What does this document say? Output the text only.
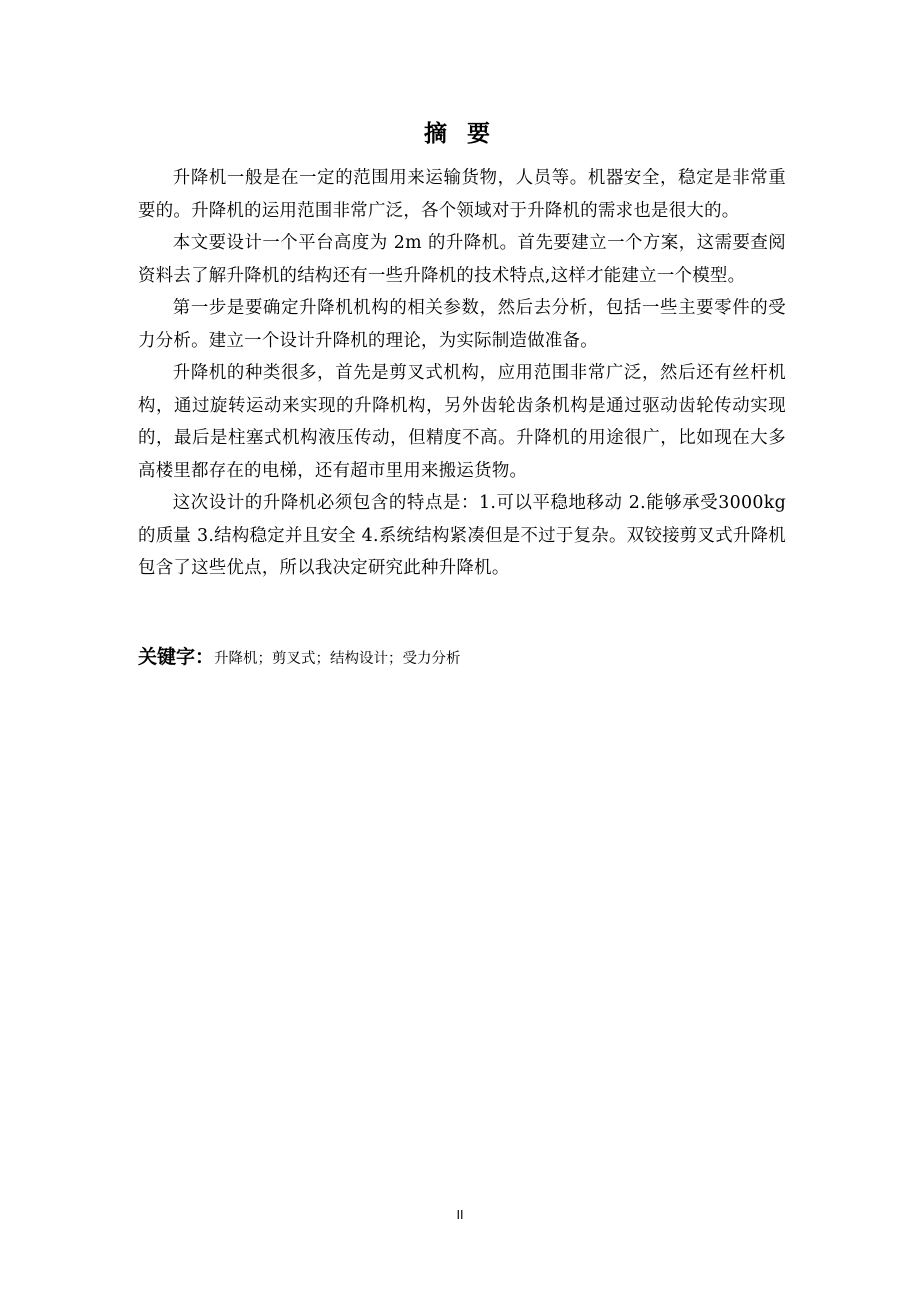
摘 要

升降机一般是在一定的范围用来运输货物，人员等。机器安全，稳定是非常重要的。升降机的运用范围非常广泛，各个领域对于升降机的需求也是很大的。

本文要设计一个平台高度为 2m 的升降机。首先要建立一个方案，这需要查阅资料去了解升降机的结构还有一些升降机的技术特点,这样才能建立一个模型。

第一步是要确定升降机机构的相关参数，然后去分析，包括一些主要零件的受力分析。建立一个设计升降机的理论，为实际制造做准备。

升降机的种类很多，首先是剪叉式机构，应用范围非常广泛，然后还有丝杆机构，通过旋转运动来实现的升降机构，另外齿轮齿条机构是通过驱动齿轮传动实现的，最后是柱塞式机构液压传动，但精度不高。升降机的用途很广，比如现在大多高楼里都存在的电梯，还有超市里用来搬运货物。

这次设计的升降机必须包含的特点是：1.可以平稳地移动 2.能够承受3000kg 的质量 3.结构稳定并且安全 4.系统结构紧凑但是不过于复杂。双铰接剪叉式升降机包含了这些优点，所以我决定研究此种升降机。

关键字：升降机；剪叉式；结构设计；受力分析
II
